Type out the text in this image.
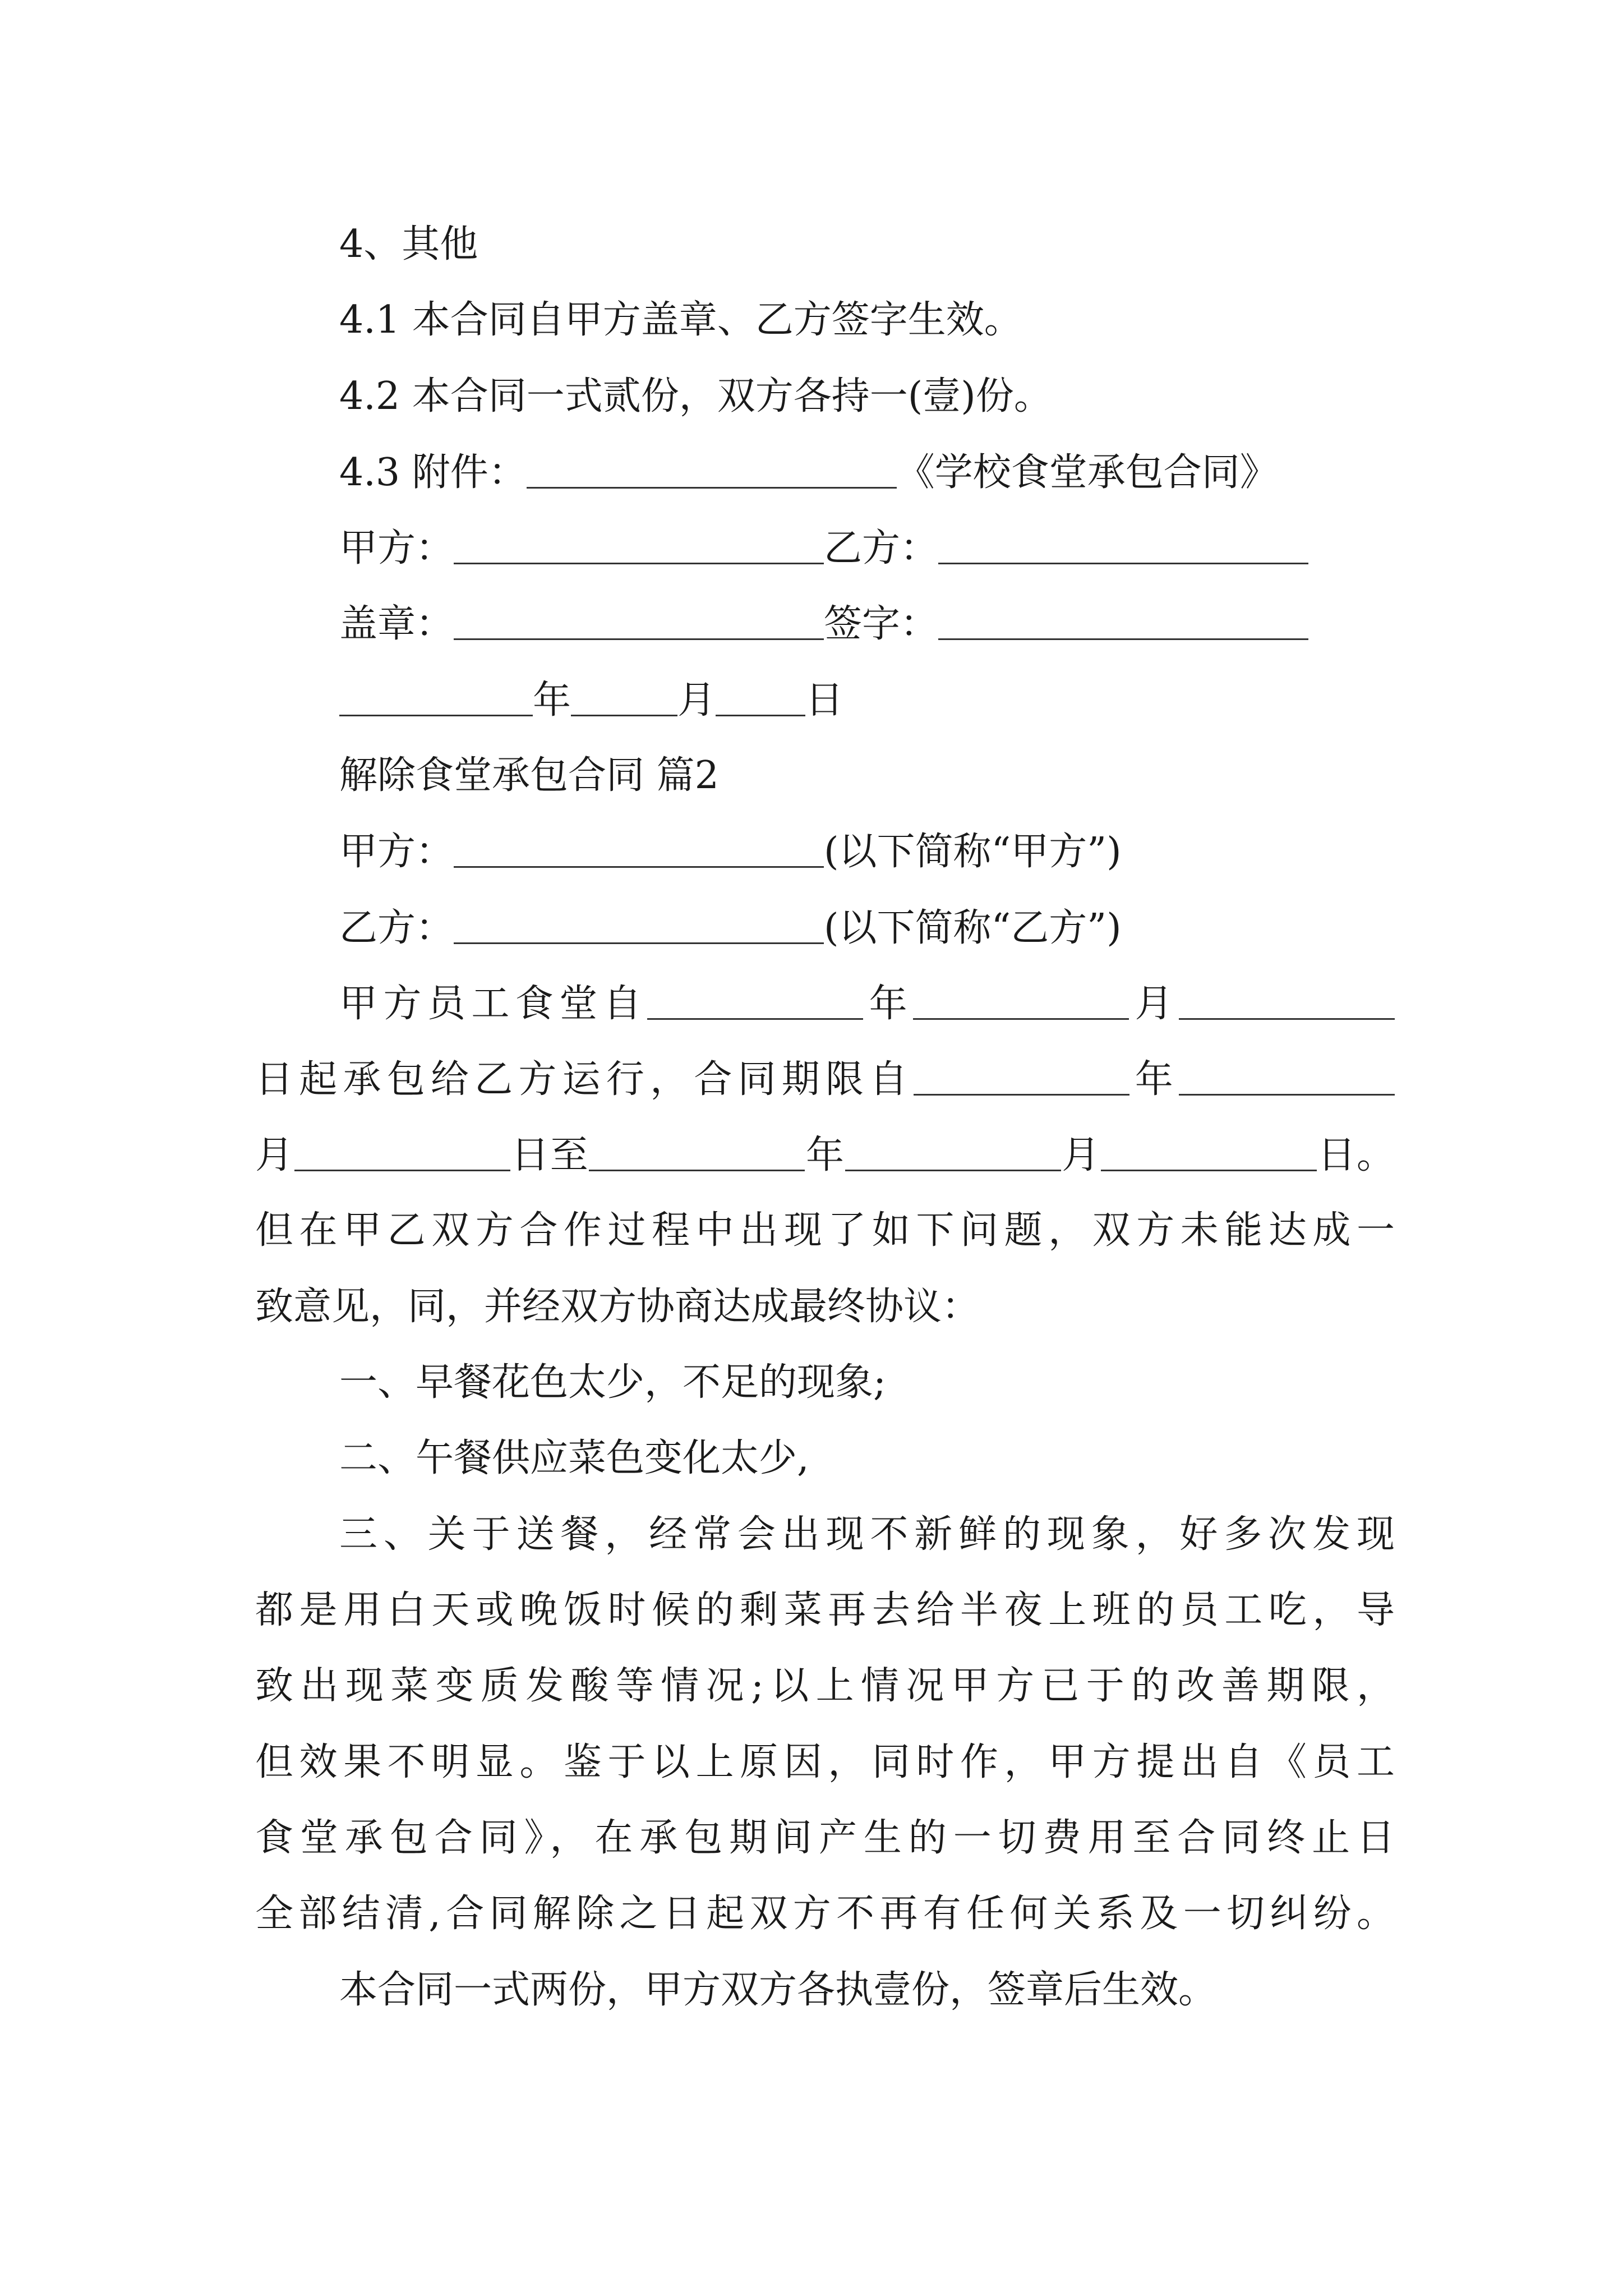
4、其他
4.1 本合同自甲方盖章、乙方签字生效。
4.2 本合同一式贰份，双方各持一(壹)份。
4.3 附件：	《学校食堂承包合同》
甲方：	乙方：
盖章：	签字：
年	月 日
解除食堂承包合同 篇2
甲方：	(以下简称“甲方”)
乙方：	(以下简称“乙方”)
甲方员工食堂自	年	月
日起承包给乙方运行，合同期限自	年
月	日至	年	月	日。
但在甲乙双方合作过程中出现了如下问题，双方未能达成一
致意见，同，并经双方协商达成最终协议：
一、早餐花色太少，不足的现象;
二、午餐供应菜色变化太少,
三、关于送餐，经常会出现不新鲜的现象，好多次发现
都是用白天或晚饭时候的剩菜再去给半夜上班的员工吃，导
致出现菜变质发酸等情况;以上情况甲方已于的改善期限，
但效果不明显。鉴于以上原因，同时作，甲方提出自《员工
食堂承包合同》，在承包期间产生的一切费用至合同终止日
全部结清,合同解除之日起双方不再有任何关系及一切纠纷。
本合同一式两份，甲方双方各执壹份，签章后生效。
